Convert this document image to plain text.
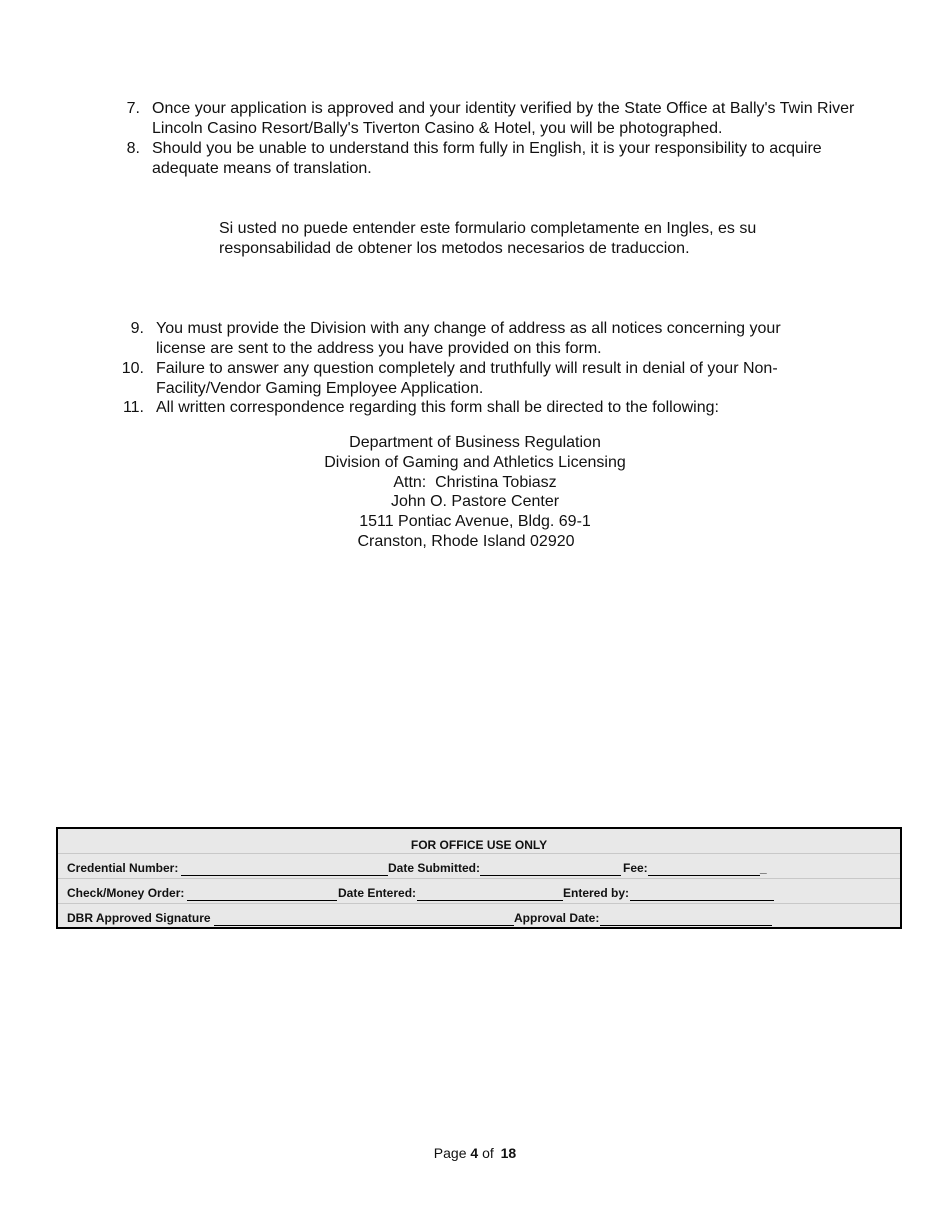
7. Once your application is approved and your identity verified by the State Office at Bally's Twin River Lincoln Casino Resort/Bally's Tiverton Casino & Hotel, you will be photographed.
8. Should you be unable to understand this form fully in English, it is your responsibility to acquire adequate means of translation.
Si usted no puede entender este formulario completamente en Ingles, es su responsabilidad de obtener los metodos necesarios de traduccion.
9. You must provide the Division with any change of address as all notices concerning your license are sent to the address you have provided on this form.
10. Failure to answer any question completely and truthfully will result in denial of your Non-Facility/Vendor Gaming Employee Application.
11. All written correspondence regarding this form shall be directed to the following:
Department of Business Regulation
Division of Gaming and Athletics Licensing
Attn:  Christina Tobiasz
John O. Pastore Center
1511 Pontiac Avenue, Bldg. 69-1
Cranston, Rhode Island 02920
FOR OFFICE USE ONLY
Credential Number:	Date Submitted:	Fee:	_
Check/Money Order:	Date Entered:	Entered by:
DBR Approved Signature	Approval Date:
Page 4 of 18
